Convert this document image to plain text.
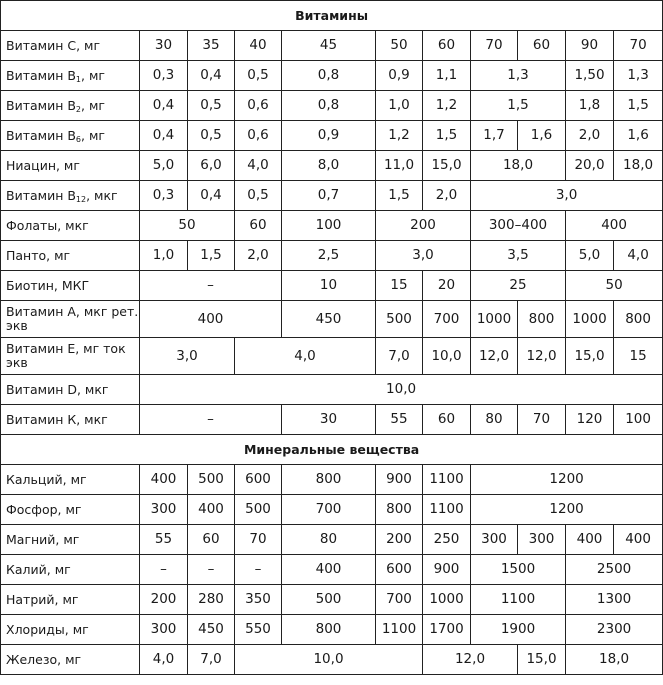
Витамины										
Витамин С, мг	30	35	40	45	50	60	70	60	90	70
Витамин $B_1$, мг	0,3	0,4	0,5	0,8	0,9	1,1	1,3		1,50	1,3
Витамин $B_2$, мг	0,4	0,5	0,6	0,8	1,0	1,2	1,5		1,8	1,5
Витамин $B_6$, мг	0,4	0,5	0,6	0,9	1,2	1,5	1,7	1,6	2,0	1,6
Ниацин, мг	5,0	6,0	4,0	8,0	11,0	15,0	18,0		20,0	18,0
Витамин $B_{12}$, мкг	0,3	0,4	0,5	0,7	1,5	2,0	3,0			
Фолаты, мкг	50		60	100	200		300–400		400	
Панто, мг	1,0	1,5	2,0	2,5	3,0		3,5		5,0	4,0
Биотин, МКГ	–			10	15	20	25		50	
Витамин А, мкг рет. экв	400			450	500	700	1000	800	1000	800
Витамин Е, мг ток экв	3,0		4,0		7,0	10,0	12,0	12,0	15,0	15
Витамин D, мкг	10,0									
Витамин К, мкг	–			30	55	60	80	70	120	100
Минеральные вещества										
Кальций, мг	400	500	600	800	900	1100	1200			
Фосфор, мг	300	400	500	700	800	1100	1200			
Магний, мг	55	60	70	80	200	250	300	300	400	400
Калий, мг	–	–	–	400	600	900	1500		2500	
Натрий, мг	200	280	350	500	700	1000	1100		1300	
Хлориды, мг	300	450	550	800	1100	1700	1900		2300	
Железо, мг	4,0	7,0	10,0			12,0		15,0	18,0	
